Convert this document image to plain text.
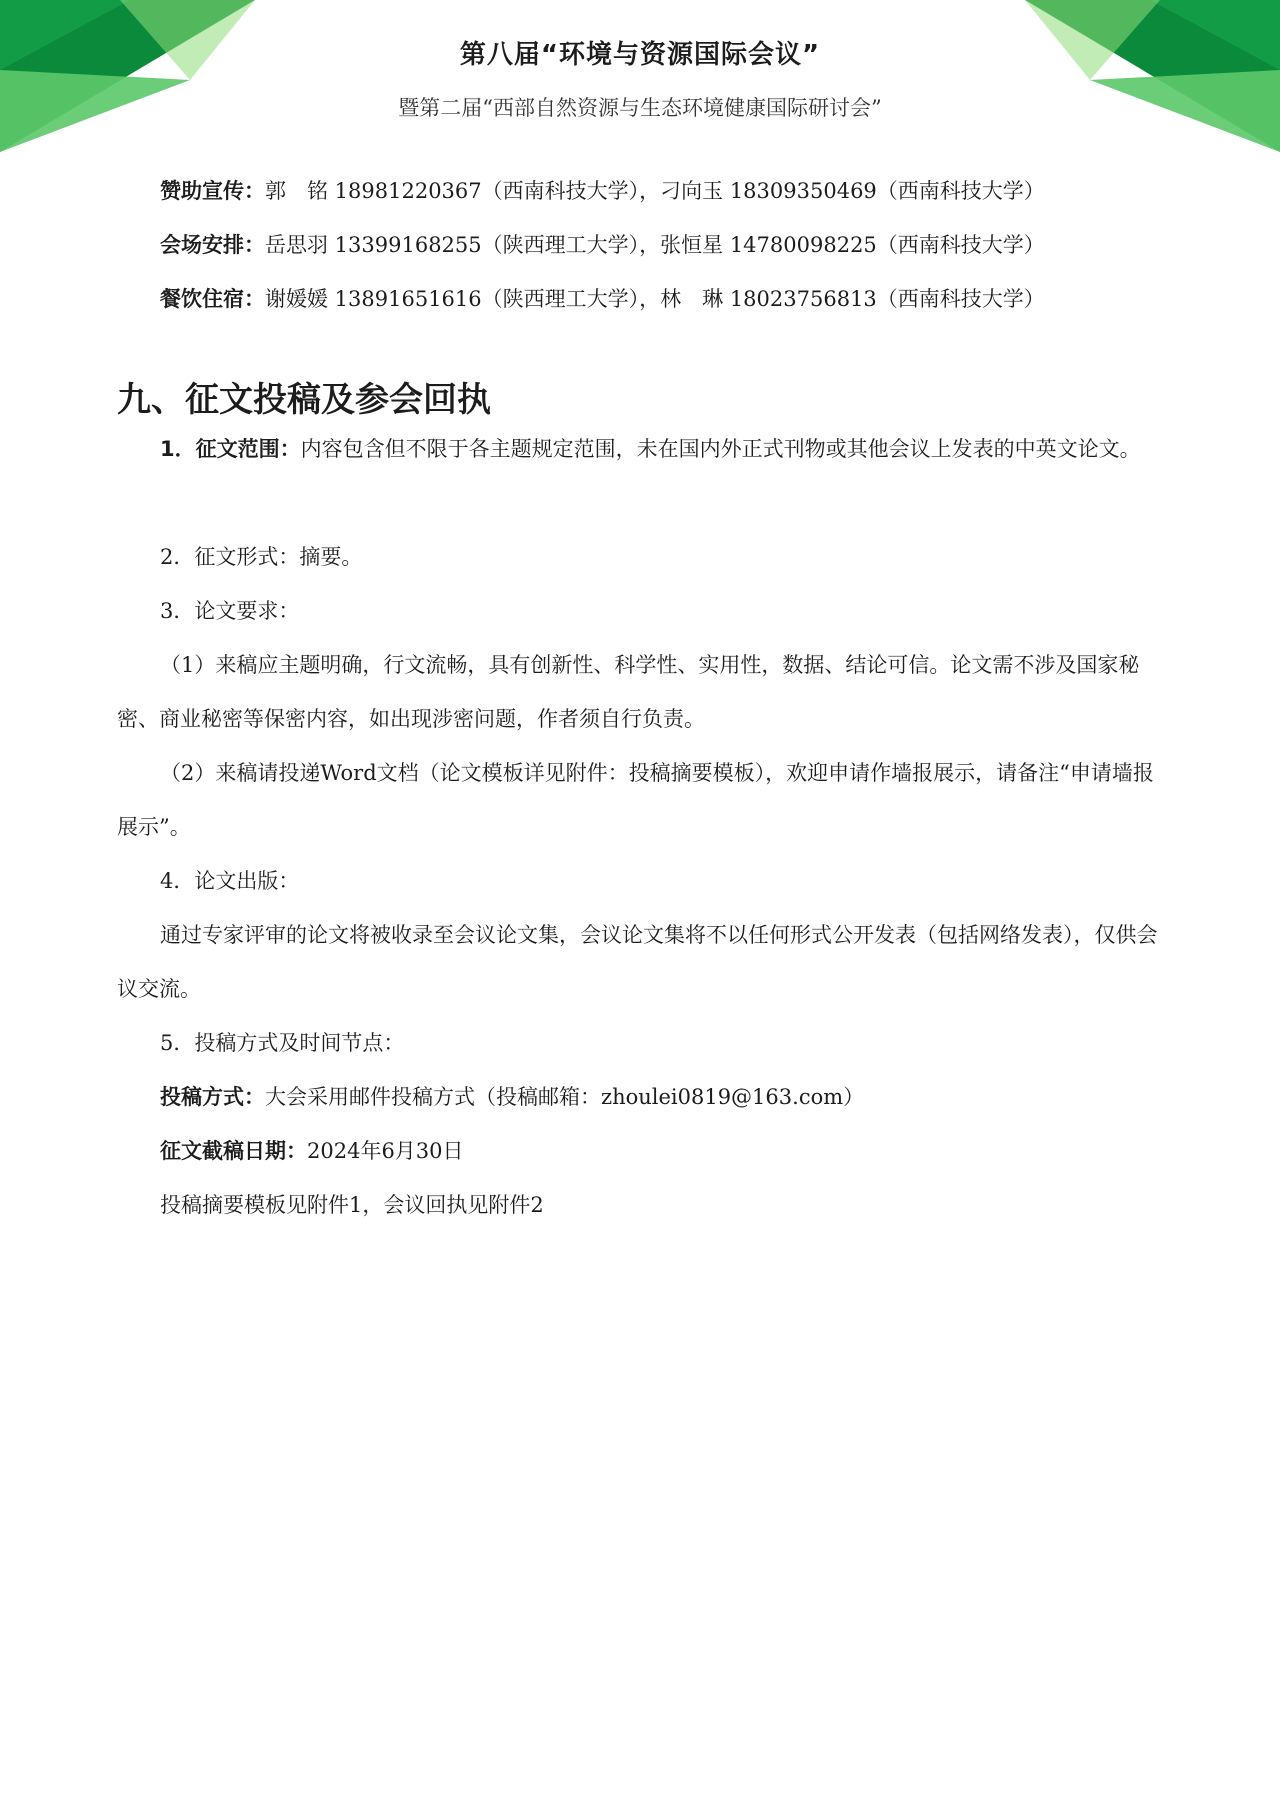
第八届“环境与资源国际会议”

暨第二届“西部自然资源与生态环境健康国际研讨会”

赞助宣传：郭　铭 18981220367（西南科技大学），刁向玉 18309350469（西南科技大学）

会场安排：岳思羽 13399168255（陕西理工大学），张恒星 14780098225（西南科技大学）

餐饮住宿：谢媛媛 13891651616（陕西理工大学），林　琳 18023756813（西南科技大学）

九、征文投稿及参会回执

1．征文范围：内容包含但不限于各主题规定范围，未在国内外正式刊物或其他会议上发表的中英文论文。

2．征文形式：摘要。

3．论文要求：

（1）来稿应主题明确，行文流畅，具有创新性、科学性、实用性，数据、结论可信。论文需不涉及国家秘密、商业秘密等保密内容，如出现涉密问题，作者须自行负责。

（2）来稿请投递Word文档（论文模板详见附件：投稿摘要模板），欢迎申请作墙报展示，请备注“申请墙报展示”。

4．论文出版：

通过专家评审的论文将被收录至会议论文集，会议论文集将不以任何形式公开发表（包括网络发表），仅供会议交流。

5．投稿方式及时间节点：

投稿方式：大会采用邮件投稿方式（投稿邮箱：zhoulei0819@163.com）

征文截稿日期：2024年6月30日

投稿摘要模板见附件1，会议回执见附件2
